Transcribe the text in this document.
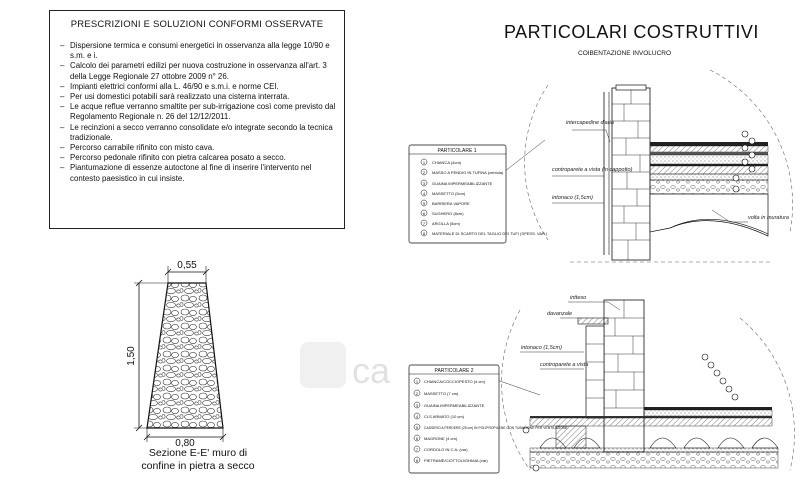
PRESCRIZIONI E SOLUZIONI CONFORMI OSSERVATE
– Dispersione termica e consumi energetici in osservanza alla legge 10/90 e s.m. e i.
– Calcolo dei parametri edilizi per nuova costruzione in osservanza all'art. 3 della Legge Regionale 27 ottobre 2009 n° 26.
– Impianti elettrici conformi alla L. 46/90 e s.m.i. e norme CEI.
– Per usi domestici potabili sarà realizzato una cisterna interrata.
– Le acque reflue verranno smaltite per sub-irrigazione così come previsto dal Regolamento Regionale n. 26 del 12/12/2011.
– Le recinzioni a secco verranno consolidate e/o integrate secondo la tecnica tradizionale.
– Percorso carrabile rifinito con misto cava.
– Percorso pedonale rifinito con pietra calcarea posato a secco.
– Piantumazione di essenze autoctone al fine di inserire l'intervento nel contesto paesistico in cui insiste.
PARTICOLARI COSTRUTTIVI
COIBENTAZIONE INVOLUCRO
0,55
1,50
0,80
intercapedine d'aria
controparete a vista (in cappotto)
intonaco (1,5cm)
volta in muratura
PARTICOLARE 1
1 CHIANCA (4cm)
2 MASSO A PENDIO IN TUFINA (ventola)
3 GUAINA IMPERMEABILIZZANTE
4 MASSETTO (5cm)
5 BARRIERA VAPORE
6 SUGHERO (8cm)
7 ARGILLA (5cm)
8 MATERIALE DI SCARTO DEL TAGLIO DEI TUFI (SPESS. VAR.)
intteso
davanzale
intonaco (1,5cm)
controparete a vista
PARTICOLARE 2
1 CHIANCA/COCCIOPESTO (4 cm)
2 MASSETTO (7 cm)
3 GUAINA IMPERMEABILIZZANTE
4 CLS ARMATO (10 cm)
5 CASSERO A PERDERE (25 cm) IN POLIPROPILENE CON TUBAZIONE PER VENTILAZIONE
6 MAGRONE (4 cm)
7 CORDOLO IN C.A. (var)
8 PIETRAME/CIOTTOLI/GHIAIA (var)
ca
Sezione E-E' muro di
confine in pietra a secco
